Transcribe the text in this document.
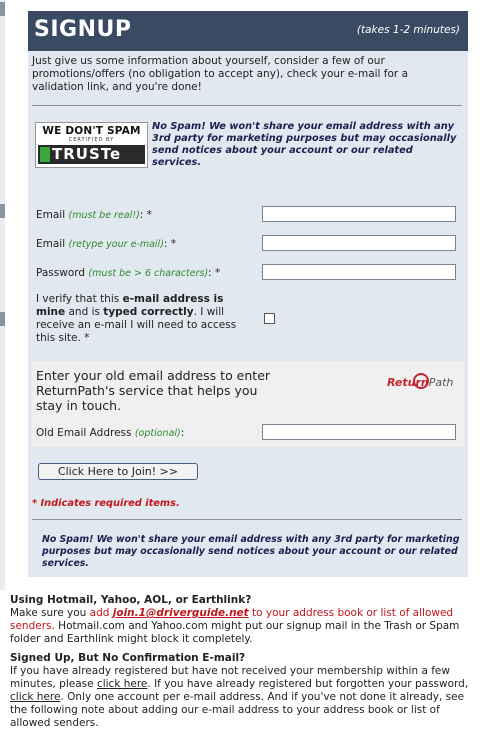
SIGNUP	(takes 1-2 minutes)
Just give us some information about yourself, consider a few of our promotions/offers (no obligation to accept any), check your e-mail for a validation link, and you're done!
WE DON'T SPAM
CERTIFIED BY
TRUSTe
No Spam! We won't share your email address with any 3rd party for marketing purposes but may occasionally send notices about your account or our related services.
Email (must be real!): *
Email (retype your e-mail): *
Password (must be > 6 characters): *
I verify that this e-mail address is mine and is typed correctly. I will receive an e-mail I will need to access this site. *
Enter your old email address to enter ReturnPath's service that helps you stay in touch.
ReturnPath
Old Email Address (optional):
Click Here to Join! >>
* Indicates required items.
No Spam! We won't share your email address with any 3rd party for marketing purposes but may occasionally send notices about your account or our related services.
Using Hotmail, Yahoo, AOL, or Earthlink?
Make sure you add join.1@driverguide.net to your address book or list of allowed senders. Hotmail.com and Yahoo.com might put our signup mail in the Trash or Spam folder and Earthlink might block it completely.
Signed Up, But No Confirmation E-mail?
If you have already registered but have not received your membership within a few minutes, please click here. If you have already registered but forgotten your password, click here. Only one account per e-mail address. And if you've not done it already, see the following note about adding our e-mail address to your address book or list of allowed senders.
